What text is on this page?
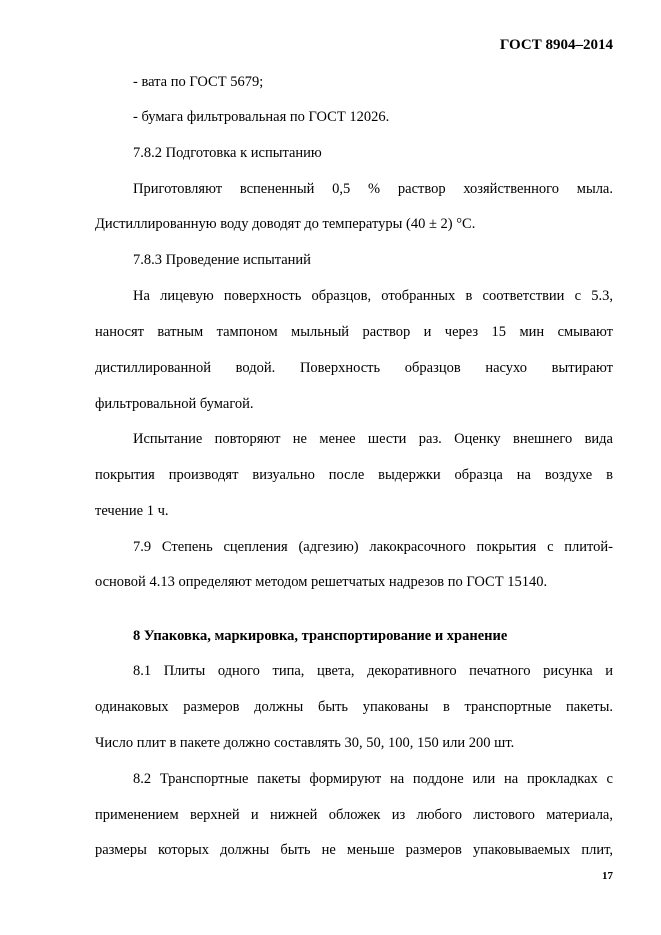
ГОСТ 8904–2014
- вата по ГОСТ 5679;
- бумага фильтровальная по ГОСТ 12026.
7.8.2 Подготовка к испытанию
Приготовляют вспененный 0,5 % раствор хозяйственного мыла.
Дистиллированную воду доводят до температуры (40 ± 2) °С.
7.8.3 Проведение испытаний
На лицевую поверхность образцов, отобранных в соответствии с 5.3,
наносят ватным тампоном мыльный раствор и через 15 мин смывают
дистиллированной водой. Поверхность образцов насухо вытирают
фильтровальной бумагой.
Испытание повторяют не менее шести раз. Оценку внешнего вида
покрытия производят визуально после выдержки образца на воздухе в
течение 1 ч.
7.9 Степень сцепления (адгезию) лакокрасочного покрытия с плитой-
основой 4.13 определяют методом решетчатых надрезов по ГОСТ 15140.
8 Упаковка, маркировка, транспортирование и хранение
8.1 Плиты одного типа, цвета, декоративного печатного рисунка и
одинаковых размеров должны быть упакованы в транспортные пакеты.
Число плит в пакете должно составлять 30, 50, 100, 150 или 200 шт.
8.2 Транспортные пакеты формируют на поддоне или на прокладках с
применением верхней и нижней обложек из любого листового материала,
размеры которых должны быть не меньше размеров упаковываемых плит,
17
